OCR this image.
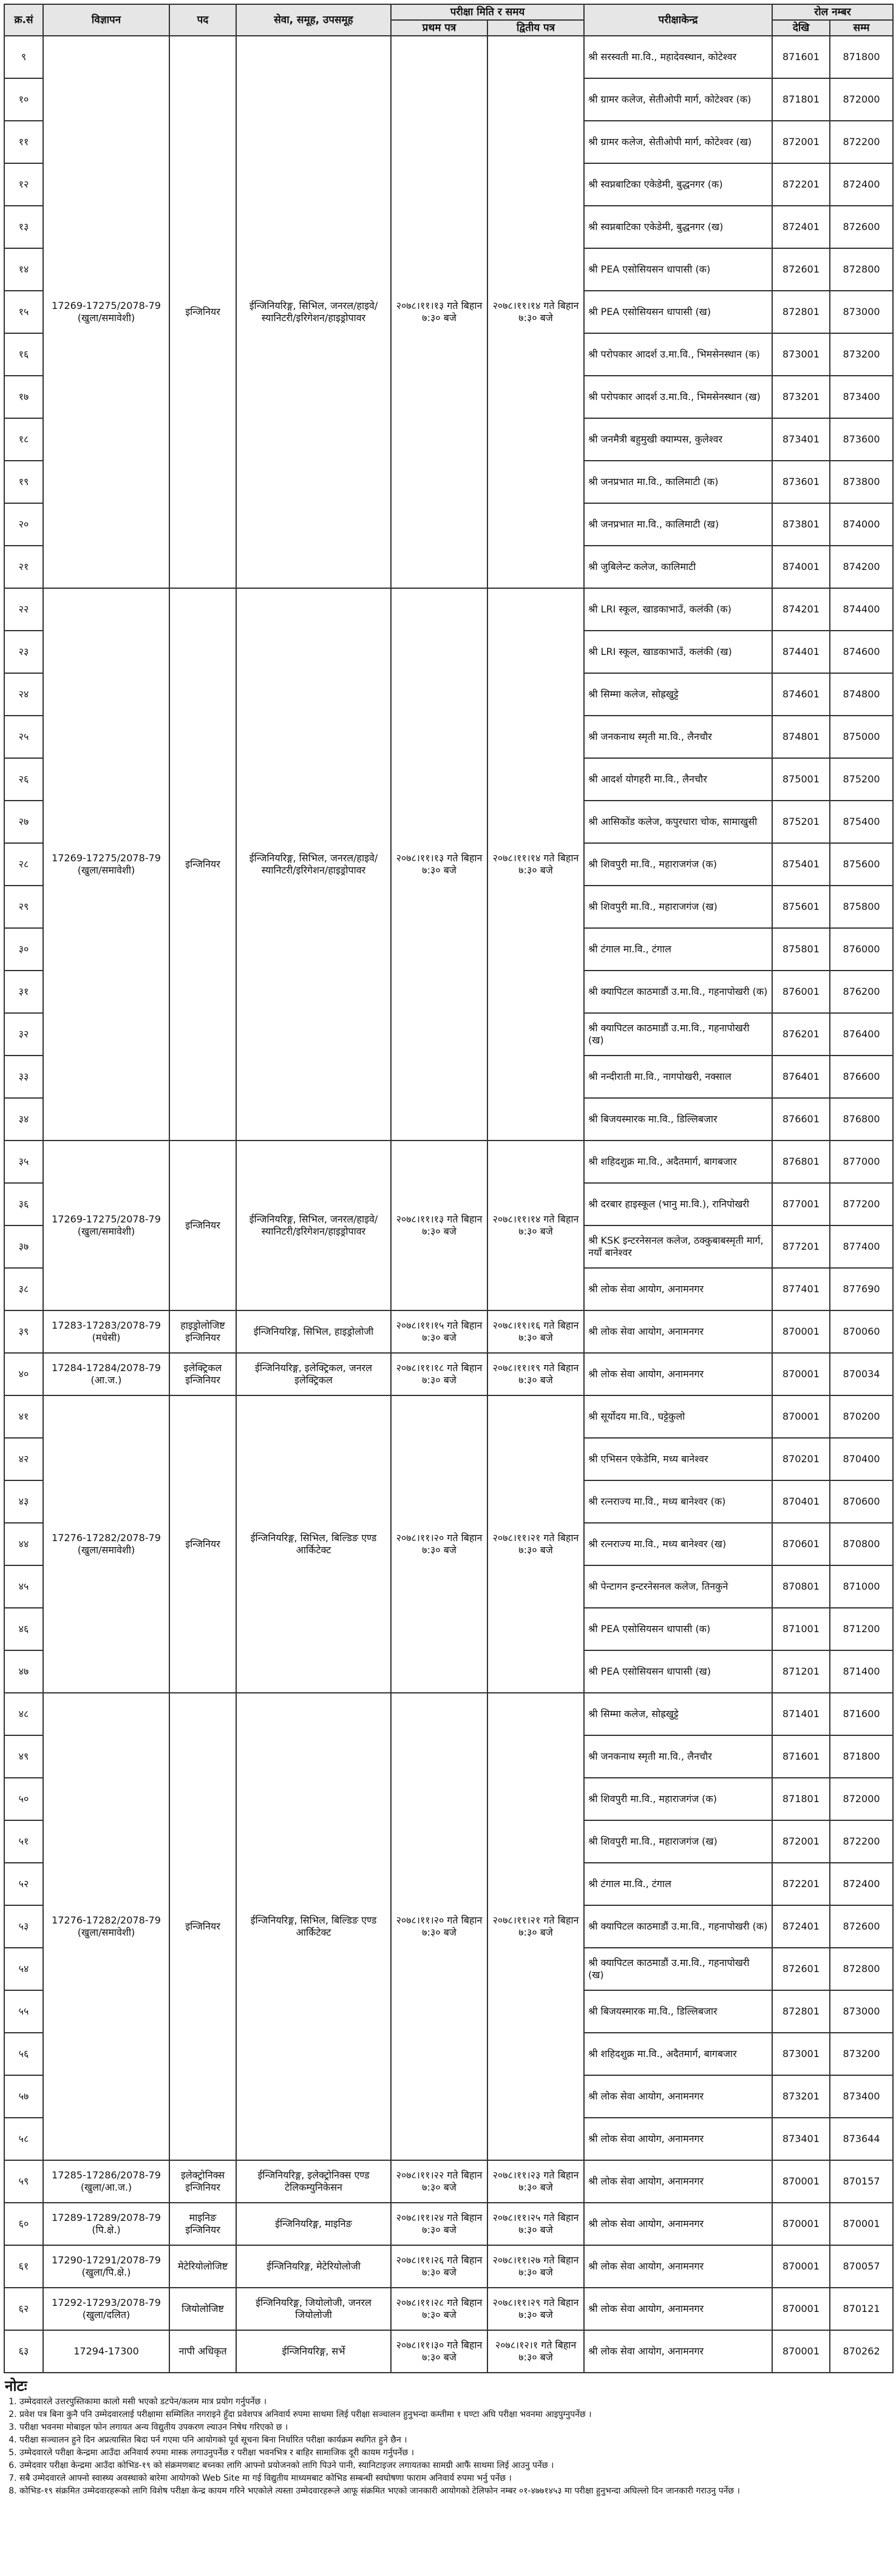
क्र.सं	विज्ञापन	पद	सेवा, समूह, उपसमूह	परीक्षा मिति र समय		परीक्षाकेन्द्र	रोल नम्बर	
				प्रथम पत्र	द्वितीय पत्र		देखि	सम्म
९	17269-17275/2078-79 (खुला/समावेशी)	इन्जिनियर	ईन्जिनियरिङ्ग, सिभिल, जनरल/हाइवे/स्यानिटरी/इरिगेशन/हाइड्रोपावर	२०७८।११।१३ गते बिहान ७:३० बजे	२०७८।११।१४ गते बिहान ७:३० बजे	श्री सरस्वती मा.वि., महादेवस्थान, कोटेश्वर	871601	871800
१०						श्री ग्रामर कलेज, सेतीओपी मार्ग, कोटेश्वर (क)	871801	872000
११						श्री ग्रामर कलेज, सेतीओपी मार्ग, कोटेश्वर (ख)	872001	872200
१२						श्री स्वप्नबाटिका एकेडेमी, बुद्धनगर (क)	872201	872400
१३						श्री स्वप्नबाटिका एकेडेमी, बुद्धनगर (ख)	872401	872600
१४						श्री PEA एसोसियसन धापासी (क)	872601	872800
१५						श्री PEA एसोसियसन धापासी (ख)	872801	873000
१६						श्री परोपकार आदर्श उ.मा.वि., भिमसेनस्थान (क)	873001	873200
१७						श्री परोपकार आदर्श उ.मा.वि., भिमसेनस्थान (ख)	873201	873400
१८						श्री जनमैत्री बहुमुखी क्याम्पस, कुलेश्वर	873401	873600
१९						श्री जनप्रभात मा.वि., कालिमाटी (क)	873601	873800
२०						श्री जनप्रभात मा.वि., कालिमाटी (ख)	873801	874000
२१						श्री जुबिलेन्ट कलेज, कालिमाटी	874001	874200
२२	17269-17275/2078-79 (खुला/समावेशी)	इन्जिनियर	ईन्जिनियरिङ्ग, सिभिल, जनरल/हाइवे/स्यानिटरी/इरिगेशन/हाइड्रोपावर	२०७८।११।१३ गते बिहान ७:३० बजे	२०७८।११।१४ गते बिहान ७:३० बजे	श्री LRI स्कूल, खाडकाभाउँ, कलंकी (क)	874201	874400
२३						श्री LRI स्कूल, खाडकाभाउँ, कलंकी (ख)	874401	874600
२४						श्री सिम्मा कलेज, सोह्रखुट्टे	874601	874800
२५						श्री जनकनाथ स्मृती मा.वि., लैनचौर	874801	875000
२६						श्री आदर्श योगहरी मा.वि., लैनचौर	875001	875200
२७						श्री आसिकोंड कलेज, कपुरधारा चोक, सामाखुसी	875201	875400
२८						श्री शिवपुरी मा.वि., महाराजगंज (क)	875401	875600
२९						श्री शिवपुरी मा.वि., महाराजगंज (ख)	875601	875800
३०						श्री टंगाल मा.वि., टंगाल	875801	876000
३१						श्री क्यापिटल काठमाडौं उ.मा.वि., गहनापोखरी (क)	876001	876200
३२						श्री क्यापिटल काठमाडौं उ.मा.वि., गहनापोखरी (ख)	876201	876400
३३						श्री नन्दीराती मा.वि., नागपोखरी, नक्साल	876401	876600
३४						श्री बिजयस्मारक मा.वि., डिल्लिबजार	876601	876800
३५	17269-17275/2078-79 (खुला/समावेशी)	इन्जिनियर	ईन्जिनियरिङ्ग, सिभिल, जनरल/हाइवे/स्यानिटरी/इरिगेशन/हाइड्रोपावर	२०७८।११।१३ गते बिहान ७:३० बजे	२०७८।११।१४ गते बिहान ७:३० बजे	श्री शहिदशुक्र मा.वि., अदैतमार्ग, बागबजार	876801	877000
३६						श्री दरबार हाइस्कूल (भानु मा.वि.), रानिपोखरी	877001	877200
३७						श्री KSK इन्टरनेसनल कलेज, ठक्कुबाबस्मृती मार्ग, नयाँ बानेश्वर	877201	877400
३८						श्री लोक सेवा आयोग, अनामनगर	877401	877690
३९	17283-17283/2078-79 (मधेसी)	हाइड्रोलोजिष्ट इन्जिनियर	ईन्जिनियरिङ्ग, सिभिल, हाइड्रोलोजी	२०७८।११।१५ गते बिहान ७:३० बजे	२०७८।११।१६ गते बिहान ७:३० बजे	श्री लोक सेवा आयोग, अनामनगर	870001	870060
४०	17284-17284/2078-79 (आ.ज.)	इलेक्ट्रिकल इन्जिनियर	ईन्जिनियरिङ्ग, इलेक्ट्रिकल, जनरल इलेक्ट्रिकल	२०७८।११।१८ गते बिहान ७:३० बजे	२०७८।११।१९ गते बिहान ७:३० बजे	श्री लोक सेवा आयोग, अनामनगर	870001	870034
४१	17276-17282/2078-79 (खुला/समावेशी)	इन्जिनियर	ईन्जिनियरिङ्ग, सिभिल, बिल्डिङ एण्ड आर्किटेक्ट	२०७८।११।२० गते बिहान ७:३० बजे	२०७८।११।२१ गते बिहान ७:३० बजे	श्री सूर्योदय मा.वि., घट्टेकुलो	870001	870200
४२						श्री एभिसन एकेडेमि, मध्य बानेश्वर	870201	870400
४३						श्री रत्नराज्य मा.वि., मध्य बानेश्वर (क)	870401	870600
४४						श्री रत्नराज्य मा.वि., मध्य बानेश्वर (ख)	870601	870800
४५						श्री पेन्टागन इन्टरनेसनल कलेज, तिनकुने	870801	871000
४६						श्री PEA एसोसियसन धापासी (क)	871001	871200
४७						श्री PEA एसोसियसन धापासी (ख)	871201	871400
४८	17276-17282/2078-79 (खुला/समावेशी)	इन्जिनियर	ईन्जिनियरिङ्ग, सिभिल, बिल्डिङ एण्ड आर्किटेक्ट	२०७८।११।२० गते बिहान ७:३० बजे	२०७८।११।२१ गते बिहान ७:३० बजे	श्री सिम्मा कलेज, सोह्रखुट्टे	871401	871600
४९						श्री जनकनाथ स्मृती मा.वि., लैनचौर	871601	871800
५०						श्री शिवपुरी मा.वि., महाराजगंज (क)	871801	872000
५१						श्री शिवपुरी मा.वि., महाराजगंज (ख)	872001	872200
५२						श्री टंगाल मा.वि., टंगाल	872201	872400
५३						श्री क्यापिटल काठमाडौं उ.मा.वि., गहनापोखरी (क)	872401	872600
५४						श्री क्यापिटल काठमाडौं उ.मा.वि., गहनापोखरी (ख)	872601	872800
५५						श्री बिजयस्मारक मा.वि., डिल्लिबजार	872801	873000
५६						श्री शहिदशुक्र मा.वि., अदैतमार्ग, बागबजार	873001	873200
५७						श्री लोक सेवा आयोग, अनामनगर	873201	873400
५८						श्री लोक सेवा आयोग, अनामनगर	873401	873644
५९	17285-17286/2078-79 (खुला/आ.ज.)	इलेक्ट्रोनिक्स इन्जिनियर	ईन्जिनियरिङ्ग, इलेक्ट्रोनिक्स एण्ड टेलिकम्युनिकेसन	२०७८।११।२२ गते बिहान ७:३० बजे	२०७८।११।२३ गते बिहान ७:३० बजे	श्री लोक सेवा आयोग, अनामनगर	870001	870157
६०	17289-17289/2078-79 (पि.क्षे.)	माइनिङ इन्जिनियर	ईन्जिनियरिङ्ग, माइनिङ	२०७८।११।२४ गते बिहान ७:३० बजे	२०७८।११।२५ गते बिहान ७:३० बजे	श्री लोक सेवा आयोग, अनामनगर	870001	870001
६१	17290-17291/2078-79 (खुला/पि.क्षे.)	मेटेरियोलोजिष्ट	ईन्जिनियरिङ्ग, मेटेरियोलोजी	२०७८।११।२६ गते बिहान ७:३० बजे	२०७८।११।२७ गते बिहान ७:३० बजे	श्री लोक सेवा आयोग, अनामनगर	870001	870057
६२	17292-17293/2078-79 (खुला/दलित)	जियोलोजिष्ट	ईन्जिनियरिङ्ग, जियोलोजी, जनरल जियोलोजी	२०७८।११।२८ गते बिहान ७:३० बजे	२०७८।११।२९ गते बिहान ७:३० बजे	श्री लोक सेवा आयोग, अनामनगर	870001	870121
६३	17294-17300	नापी अधिकृत	ईन्जिनियरिङ्ग, सर्भे	२०७८।११।३० गते बिहान ७:३० बजे	२०७८।१२।१ गते बिहान ७:३० बजे	श्री लोक सेवा आयोग, अनामनगर	870001	870262
नोटः
1. उम्मेदवारले उत्तरपुस्तिकामा कालो मसी भएको डटपेन/कलम मात्र प्रयोग गर्नुपर्नेछ ।
2. प्रवेश पत्र बिना कुनै पनि उम्मेदवारलाई परीक्षामा सम्मिलित नगराइने हुँदा प्रवेशपत्र अनिवार्य रुपमा साथमा लिई परीक्षा सञ्चालन हुनुभन्दा कम्तीमा १ घण्टा अघि परीक्षा भवनमा आइपुग्नुपर्नेछ ।
3. परीक्षा भवनमा मोबाइल फोन लगायत अन्य विद्युतीय उपकरण ल्याउन निषेध गरिएको छ ।
4. परीक्षा सञ्चालन हुने दिन अप्रत्यासित बिदा पर्न गएमा पनि आयोगको पूर्व सूचना बिना निर्धारित परीक्षा कार्यक्रम स्थगित हुने छैन ।
5. उम्मेदवारले परीक्षा केन्द्रमा आउँदा अनिवार्य रुपमा मास्क लगाउनुपर्नेछ र परीक्षा भवनभित्र र बाहिर सामाजिक दूरी कायम गर्नुपर्नेछ ।
6. उम्मेदवार परीक्षा केन्द्रमा आउँदा कोभिड-१९ को संक्रमणबाट बच्नका लागि आफ्नो प्रयोजनको लागि पिउने पानी, स्यानिटाइजर लगायतका सामग्री आफैं साथमा लिई आउनु पर्नेछ ।
7. सबै उम्मेदवारले आफ्नो स्वास्थ्य अवस्थाको बारेमा आयोगको Web Site मा गई विद्युतीय माध्यमबाट कोभिड सम्बन्धी स्वघोषणा फाराम अनिवार्य रुपमा भर्नु पर्नेछ ।
8. कोभिड-१९ संक्रमित उम्मेदवारहरूको लागि विशेष परीक्षा केन्द्र कायम गरिने भएकोले त्यस्ता उम्मेदवारहरूले आफू संक्रमित भएको जानकारी आयोगको टेलिफोन नम्बर ०१-४७७१४५३ मा परीक्षा हुनुभन्दा अघिल्लो दिन जानकारी गराउनु पर्नेछ ।
